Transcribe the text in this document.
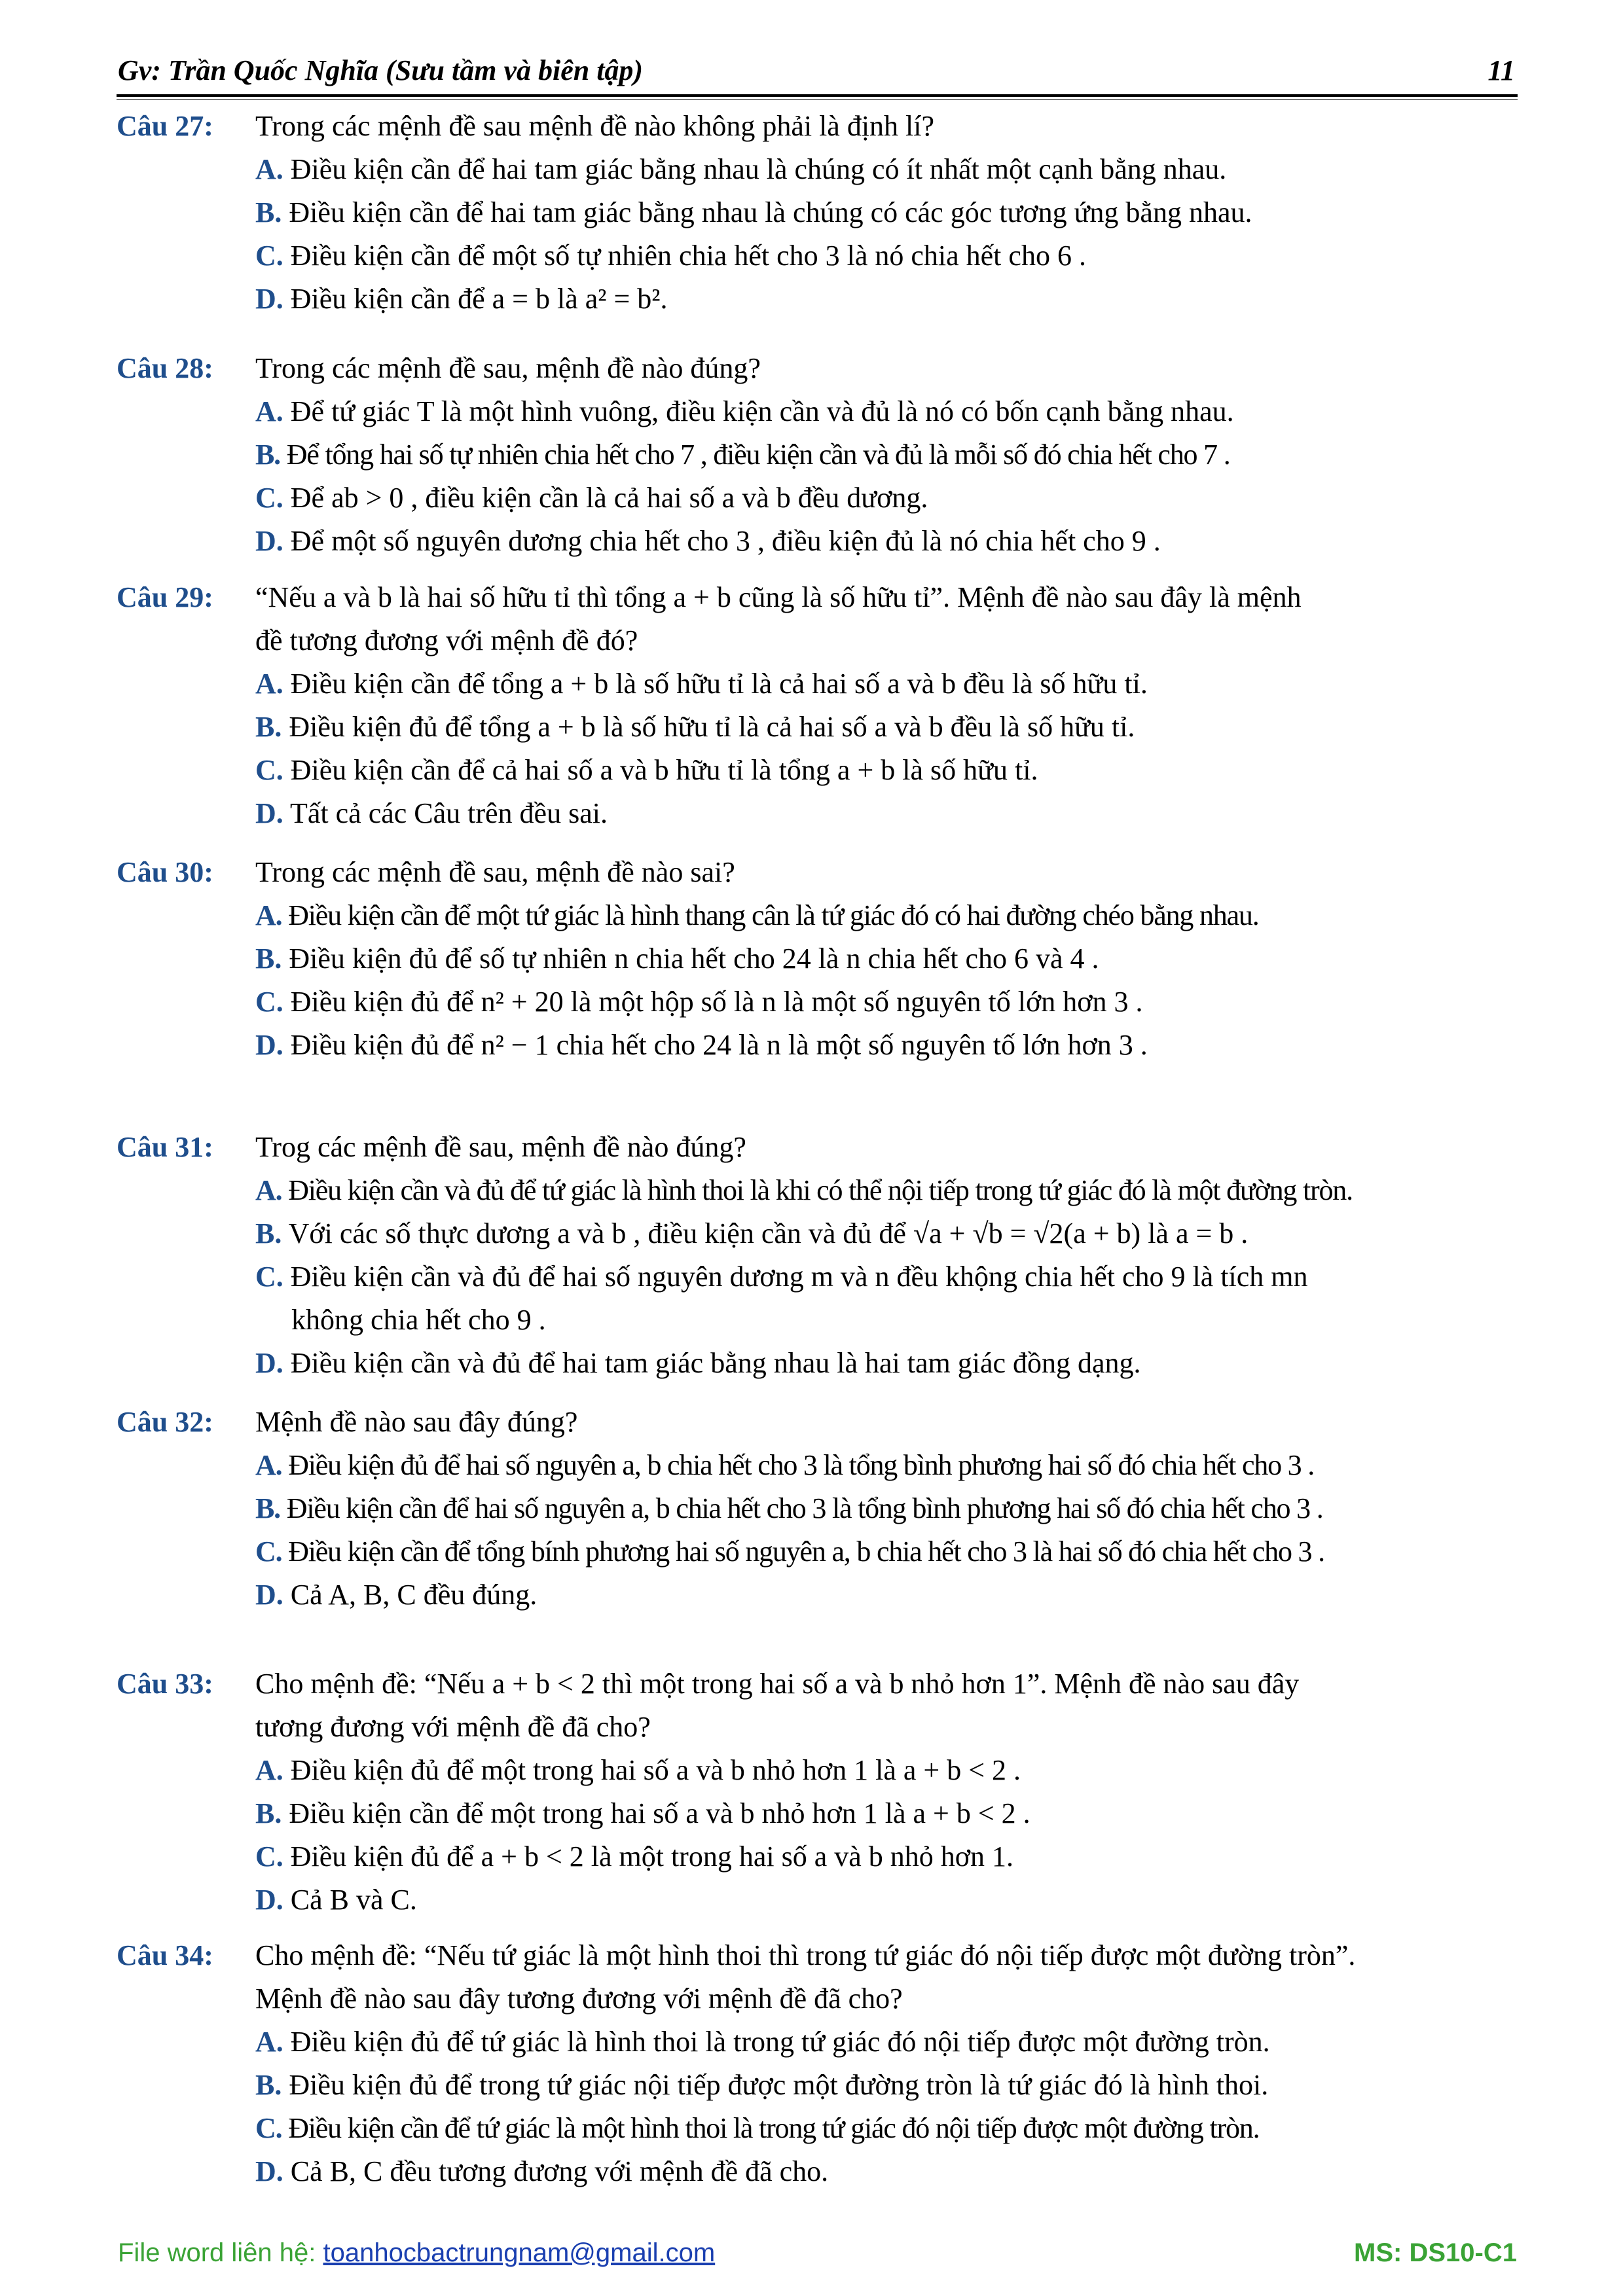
Gv: Trần Quốc Nghĩa (Sưu tầm và biên tập)	11
Câu 27: Trong các mệnh đề sau mệnh đề nào không phải là định lí?
A. Điều kiện cần để hai tam giác bằng nhau là chúng có ít nhất một cạnh bằng nhau.
B. Điều kiện cần để hai tam giác bằng nhau là chúng có các góc tương ứng bằng nhau.
C. Điều kiện cần để một số tự nhiên chia hết cho 3 là nó chia hết cho 6 .
D. Điều kiện cần để a = b là a² = b².
Câu 28: Trong các mệnh đề sau, mệnh đề nào đúng?
A. Để tứ giác T là một hình vuông, điều kiện cần và đủ là nó có bốn cạnh bằng nhau.
B. Để tổng hai số tự nhiên chia hết cho 7 , điều kiện cần và đủ là mỗi số đó chia hết cho 7 .
C. Để ab > 0 , điều kiện cần là cả hai số a và b đều dương.
D. Để một số nguyên dương chia hết cho 3 , điều kiện đủ là nó chia hết cho 9 .
Câu 29: “Nếu a và b là hai số hữu tỉ thì tổng a + b cũng là số hữu tỉ”. Mệnh đề nào sau đây là mệnh
đề tương đương với mệnh đề đó?
A. Điều kiện cần để tổng a + b là số hữu tỉ là cả hai số a và b đều là số hữu tỉ.
B. Điều kiện đủ để tổng a + b là số hữu tỉ là cả hai số a và b đều là số hữu tỉ.
C. Điều kiện cần để cả hai số a và b hữu tỉ là tổng a + b là số hữu tỉ.
D. Tất cả các Câu trên đều sai.
Câu 30: Trong các mệnh đề sau, mệnh đề nào sai?
A. Điều kiện cần để một tứ giác là hình thang cân là tứ giác đó có hai đường chéo bằng nhau.
B. Điều kiện đủ để số tự nhiên n chia hết cho 24 là n chia hết cho 6 và 4 .
C. Điều kiện đủ để n² + 20 là một hộp số là n là một số nguyên tố lớn hơn 3 .
D. Điều kiện đủ để n² − 1 chia hết cho 24 là n là một số nguyên tố lớn hơn 3 .
Câu 31: Trog các mệnh đề sau, mệnh đề nào đúng?
A. Điều kiện cần và đủ để tứ giác là hình thoi là khi có thể nội tiếp trong tứ giác đó là một đường tròn.
B. Với các số thực dương a và b , điều kiện cần và đủ để √a + √b = √2(a + b) là a = b .
C. Điều kiện cần và đủ để hai số nguyên dương m và n đều khộng chia hết cho 9 là tích mn
không chia hết cho 9 .
D. Điều kiện cần và đủ để hai tam giác bằng nhau là hai tam giác đồng dạng.
Câu 32: Mệnh đề nào sau đây đúng?
A. Điều kiện đủ để hai số nguyên a, b chia hết cho 3 là tổng bình phương hai số đó chia hết cho 3 .
B. Điều kiện cần để hai số nguyên a, b chia hết cho 3 là tổng bình phương hai số đó chia hết cho 3 .
C. Điều kiện cần để tổng bính phương hai số nguyên a, b chia hết cho 3 là hai số đó chia hết cho 3 .
D. Cả A, B, C đều đúng.
Câu 33: Cho mệnh đề: “Nếu a + b < 2 thì một trong hai số a và b nhỏ hơn 1”. Mệnh đề nào sau đây
tương đương với mệnh đề đã cho?
A. Điều kiện đủ để một trong hai số a và b nhỏ hơn 1 là a + b < 2 .
B. Điều kiện cần để một trong hai số a và b nhỏ hơn 1 là a + b < 2 .
C. Điều kiện đủ để a + b < 2 là một trong hai số a và b nhỏ hơn 1.
D. Cả B và C.
Câu 34: Cho mệnh đề: “Nếu tứ giác là một hình thoi thì trong tứ giác đó nội tiếp được một đường tròn”.
Mệnh đề nào sau đây tương đương với mệnh đề đã cho?
A. Điều kiện đủ để tứ giác là hình thoi là trong tứ giác đó nội tiếp được một đường tròn.
B. Điều kiện đủ để trong tứ giác nội tiếp được một đường tròn là tứ giác đó là hình thoi.
C. Điều kiện cần để tứ giác là một hình thoi là trong tứ giác đó nội tiếp được một đường tròn.
D. Cả B, C đều tương đương với mệnh đề đã cho.
File word liên hệ: toanhocbactrungnam@gmail.com	MS: DS10-C1
